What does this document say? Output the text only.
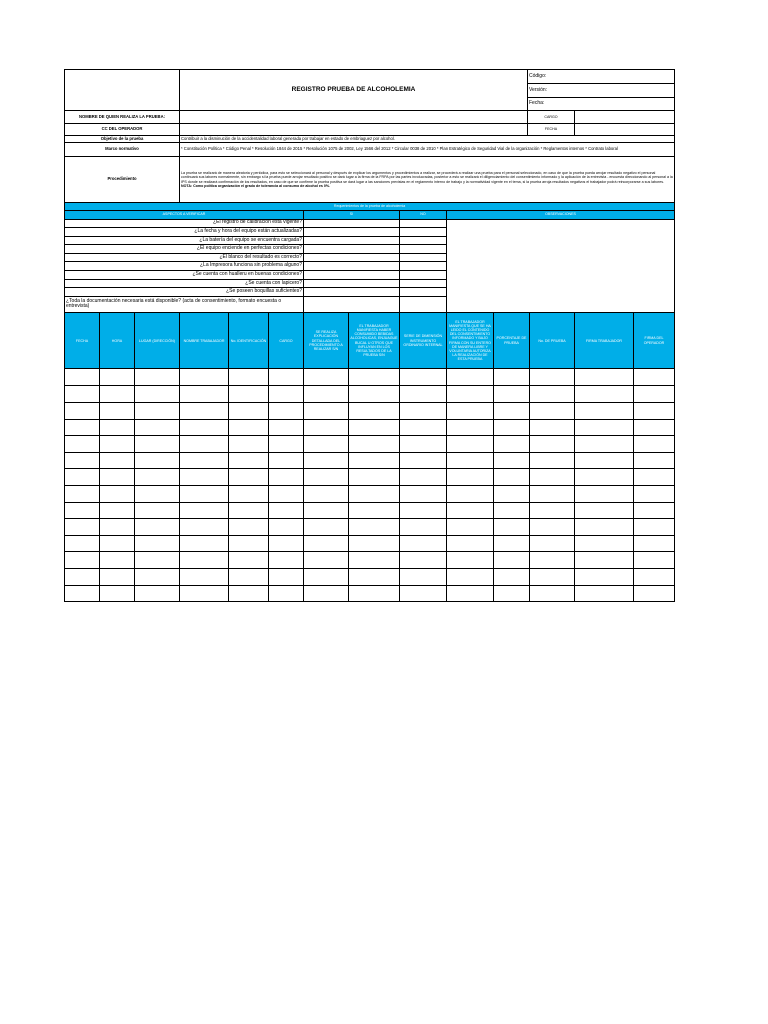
	REGISTRO PRUEBA DE ALCOHOLEMIA	Código:	
		Versión:	
		Fecha:	
NOMBRE DE QUIEN REALIZA LA PRUEBA:		CARGO	
CC DEL OPERADOR		FECHA	
Objetivo de la prueba	Contribuir a la disminución de la accidentalidad laboral generada por trabajar en estado de embriaguez por alcohol.		
Marco normativo	* Constitución Política * Código Penal * Resolución 1844 de 2015 * Resolución 1075 de 2002, Ley 1566 del 2012 * Circular 0038 de 2010 * Plan Estratégico de Seguridad Vial de la organización * Reglamentos internos * Contrato laboral		
Procedimiento	La prueba se realizará de manera aleatoria y periódica, para esto se seleccionará al personal y después de explicar los argumentos y procedimientos a realizar, se procederá a realizar una prueba para el personal seleccionado, en caso de que la prueba pueda arrojar resultado negativo el personal continuará sus labores normalmente, sin embargo si la prueba puede arrojar resultado positivo se dará lugar a la firma de la FRPA por las partes involucradas, posterior a esto se realizará el diligenciamiento del consentimiento informado y la aplicación de la entrevista - encuesta direccionando al personal a la IPS donde se realizará confirmación de los resultados, en caso de que se confirme la prueba positiva se dará lugar a las sanciones previstas en el reglamento interno de trabajo y la normatividad vigente en el tema, si la prueba arroja resultados negativos el trabajador podrá reincorporarse a sus labores.
NOTA: Como política organización el grado de tolerancia al consumo de alcohol es 0%.		
Requerimientos de la prueba de alcoholemia			
ASPECTOS A VERIFICAR	SI	NO	OBSERVACIONES
¿El registro de calibración está vigente?			
¿La fecha y hora del equipo están actualizadas?			
¿La batería del equipo se encuentra cargada?			
¿El equipo enciende en perfectas condiciones?			
¿El blanco del resultado es correcto?			
¿La Impresora funciona sin problema alguno?			
¿Se cuenta con hualleru en buenas condiciones?			
¿Se cuenta con lapicero?			
¿Se poseen boquillas suficientes?			
¿Toda la documentación necesaria está disponible? (acta de consentimiento, formato encuesta o entrevista)			
FECHA	HORA	LUGAR (DIRECCIÓN)	NOMBRE TRABAJADOR	No. IDENTIFICACIÓN	CARGO	SE REALIZA EXPLICACIÓN DETALLADA DEL PROCEDIMIENTO A REALIZAR S/N	EL TRABAJADOR MANIFIESTA HABER CONSUMIDO BEBIDAS ALCOHOLICAS, ENJUAGUE BUCAL U OTROS QUE INFLUYAN EN LOS RESULTADOS DE LA PRUEBA S/N	SERIE DE DIMENSIÓN INSTRUMENTO ORDINARIO INTERNAL	EL TRABAJADOR MANIFIESTA QUE SE HA LEIDO EL CONTENIDO DEL CONSENTIMIENTO INFORMADO Y BAJO FIRMA CON SU ENTERO DE MANERA LIBRE Y VOLUNTARIA AUTORIZA LA REALIZACIÓN DE ESTA PRUEBA	PORCENTAJE DE PRUEBA	No. DE PRUEBA	FIRMA TRABAJADOR	FIRMA DEL OPERADOR
